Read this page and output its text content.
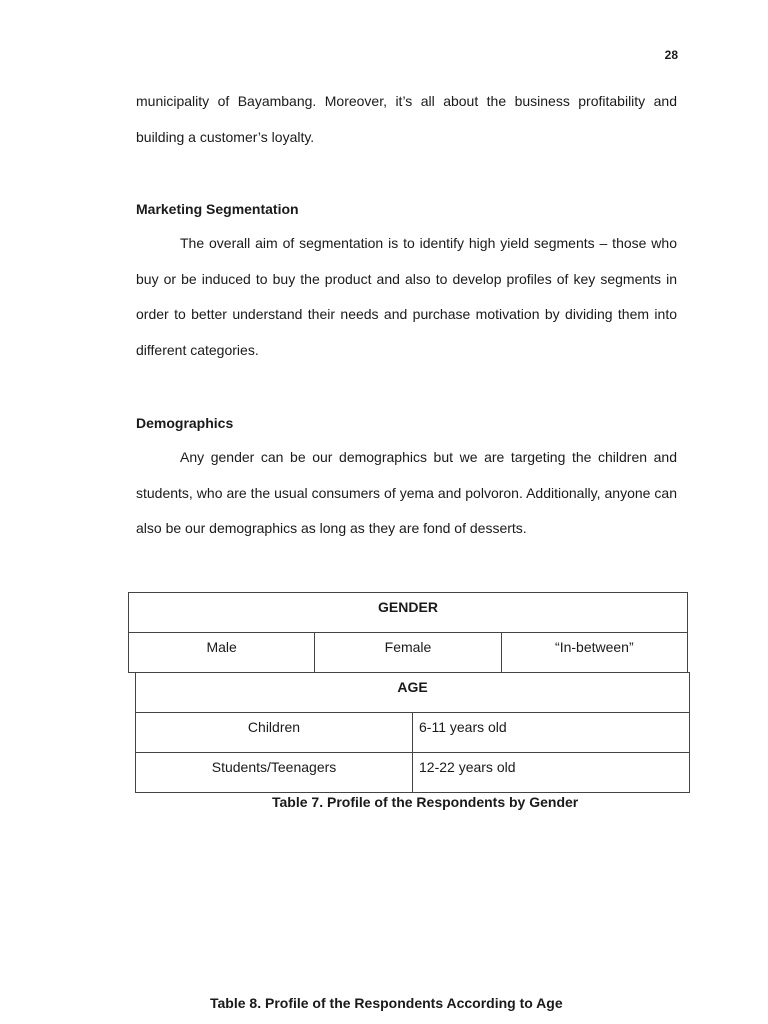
28
municipality of Bayambang. Moreover, it’s all about the business profitability and
building a customer’s loyalty.
Marketing Segmentation

The overall aim of segmentation is to identify high yield segments – those who buy or be induced to buy the product and also to develop profiles of key segments in order to better understand their needs and purchase motivation by dividing them into different categories.

Demographics

Any gender can be our demographics but we are targeting the children and students, who are the usual consumers of yema and polvoron. Additionally, anyone can also be our demographics as long as they are fond of desserts.

GENDER
Male	Female	“In-between”
AGE	
Children	6-11 years old
Students/Teenagers	12-22 years old
Table 7. Profile of the Respondents by Gender
Table 8. Profile of the Respondents According to Age
